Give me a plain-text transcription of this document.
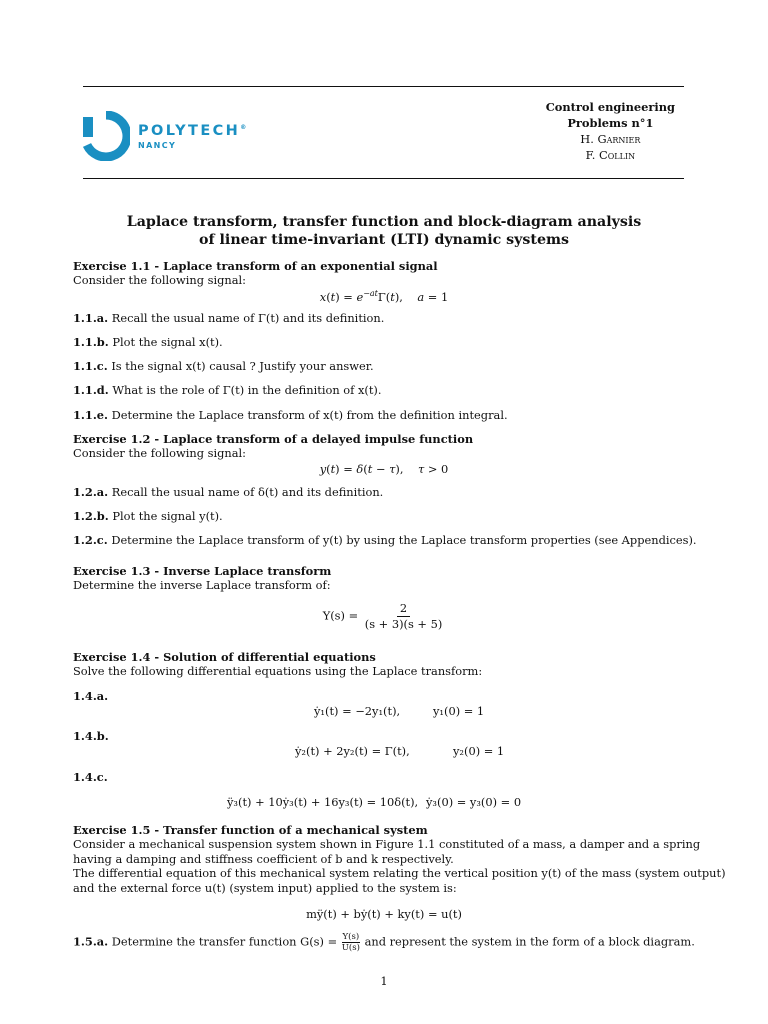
POLYTECH®
NANCY
Control engineering
Problems n°1
H. Garnier
F. Collin
Laplace transform, transfer function and block-diagram analysis
of linear time-invariant (LTI) dynamic systems
Exercise 1.1 - Laplace transform of an exponential signal
Consider the following signal:
$x(t) = e^{-at}\Gamma(t)$,    a = 1
1.1.a. Recall the usual name of Γ(t) and its definition.
1.1.b. Plot the signal x(t).
1.1.c. Is the signal x(t) causal ? Justify your answer.
1.1.d. What is the role of Γ(t) in the definition of x(t).
1.1.e. Determine the Laplace transform of x(t) from the definition integral.
Exercise 1.2 - Laplace transform of a delayed impulse function
Consider the following signal:
y(t) = δ(t − τ),    τ > 0
1.2.a. Recall the usual name of δ(t) and its definition.
1.2.b. Plot the signal y(t).
1.2.c. Determine the Laplace transform of y(t) by using the Laplace transform properties (see Appendices).
Exercise 1.3 - Inverse Laplace transform
Determine the inverse Laplace transform of:
$Y(s) = \frac{2}{(s + 3)(s + 5)}$
Exercise 1.4 - Solution of differential equations
Solve the following differential equations using the Laplace transform:
1.4.a.
ẏ₁(t) = −2y₁(t),	y₁(0) = 1
1.4.b.
ẏ₂(t) + 2y₂(t) = Γ(t),	y₂(0) = 1
1.4.c.
ÿ₃(t) + 10ẏ₃(t) + 16y₃(t) = 10δ(t), ẏ₃(0) = y₃(0) = 0
Exercise 1.5 - Transfer function of a mechanical system
Consider a mechanical suspension system shown in Figure 1.1 constituted of a mass, a damper and a spring
having a damping and stiffness coefficient of b and k respectively.
The differential equation of this mechanical system relating the vertical position y(t) of the mass (system output)
and the external force u(t) (system input) applied to the system is:
mÿ(t) + bẏ(t) + ky(t) = u(t)
1.5.a. Determine the transfer function $G(s) = \frac{Y(s)}{U(s)}$ and represent the system in the form of a block diagram.
1
